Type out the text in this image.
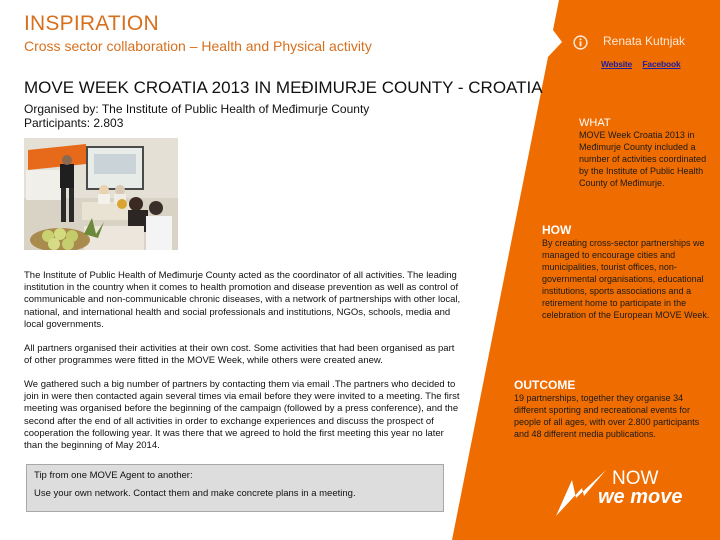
INSPIRATION
Cross sector collaboration – Health and Physical activity	Renata Kutnjak
Website Facebook
MOVE WEEK CROATIA 2013 IN MEĐIMURJE COUNTY - CROATIA
Organised by: The Institute of Public Health of Međimurje County
Participants: 2.803
The Institute of Public Health of Međimurje County acted as the coordinator of all activities. The leading institution in the country when it comes to health promotion and disease prevention as well as control of communicable and non-communicable chronic diseases, with a network of partnerships with other local, national, and international health and social professionals and institutions, NGOs, schools, media and local governments.
All partners organised their activities at their own cost. Some activities that had been organised as part of other programmes were fitted in the MOVE Week, while others were created anew.
We gathered such a big number of partners by contacting them via email .The partners who decided to join in were then contacted again several times via email before they were invited to a meeting. The first meeting was organised before the beginning of the campaign (followed by a press conference), and the second after the end of all activities in order to exchange experiences and discuss the prospect of cooperation the following year. It was there that we agreed to hold the first meeting this year no later than the beginning of May 2014.
Tip from one MOVE Agent to another:
Use your own network. Contact them and make concrete plans in a meeting.
WHAT
MOVE Week Croatia 2013 in Međimurje County included a number of activities coordinated by the Institute of Public Health County of Međimurje.
HOW
By creating cross-sector partnerships we managed to encourage cities and municipalities, tourist offices, non-governmental organisations, educational institutions, sports associations and a retirement home to participate in the celebration of the European MOVE Week.
OUTCOME
19 partnerships, together they organise 34 different sporting and recreational events for people of all ages, with over 2.800 participants and 48 different media publications.
NOW
we move
